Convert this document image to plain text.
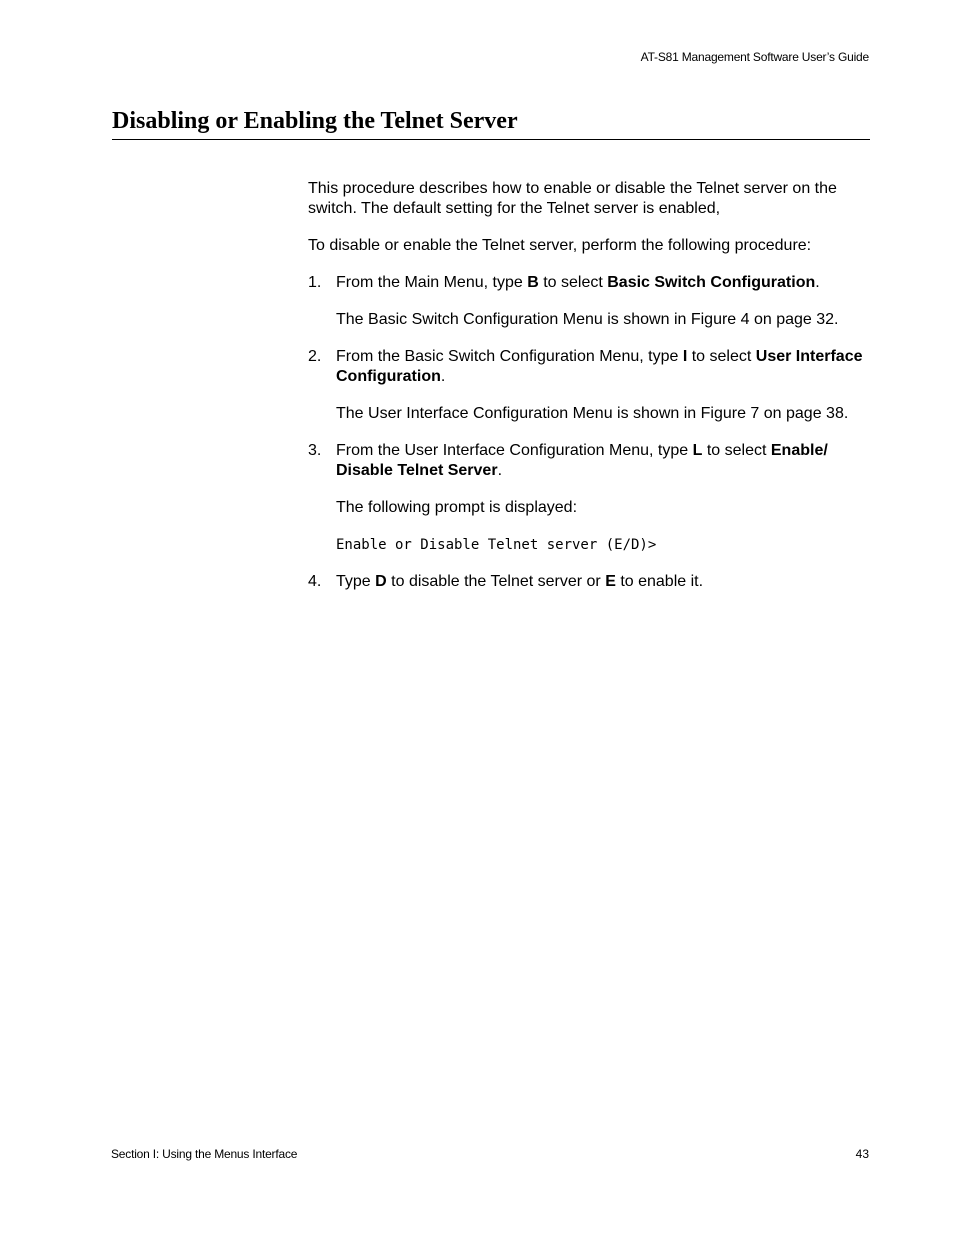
AT-S81 Management Software User’s Guide
Disabling or Enabling the Telnet Server

This procedure describes how to enable or disable the Telnet server on the switch. The default setting for the Telnet server is enabled,

To disable or enable the Telnet server, perform the following procedure:

1. From the Main Menu, type B to select Basic Switch Configuration.

The Basic Switch Configuration Menu is shown in Figure 4 on page 32.

2. From the Basic Switch Configuration Menu, type I to select User Interface Configuration.

The User Interface Configuration Menu is shown in Figure 7 on page 38.

3. From the User Interface Configuration Menu, type L to select Enable/ Disable Telnet Server.

The following prompt is displayed:

Enable or Disable Telnet server (E/D)>
4. Type D to disable the Telnet server or E to enable it.

Section I: Using the Menus Interface	43
